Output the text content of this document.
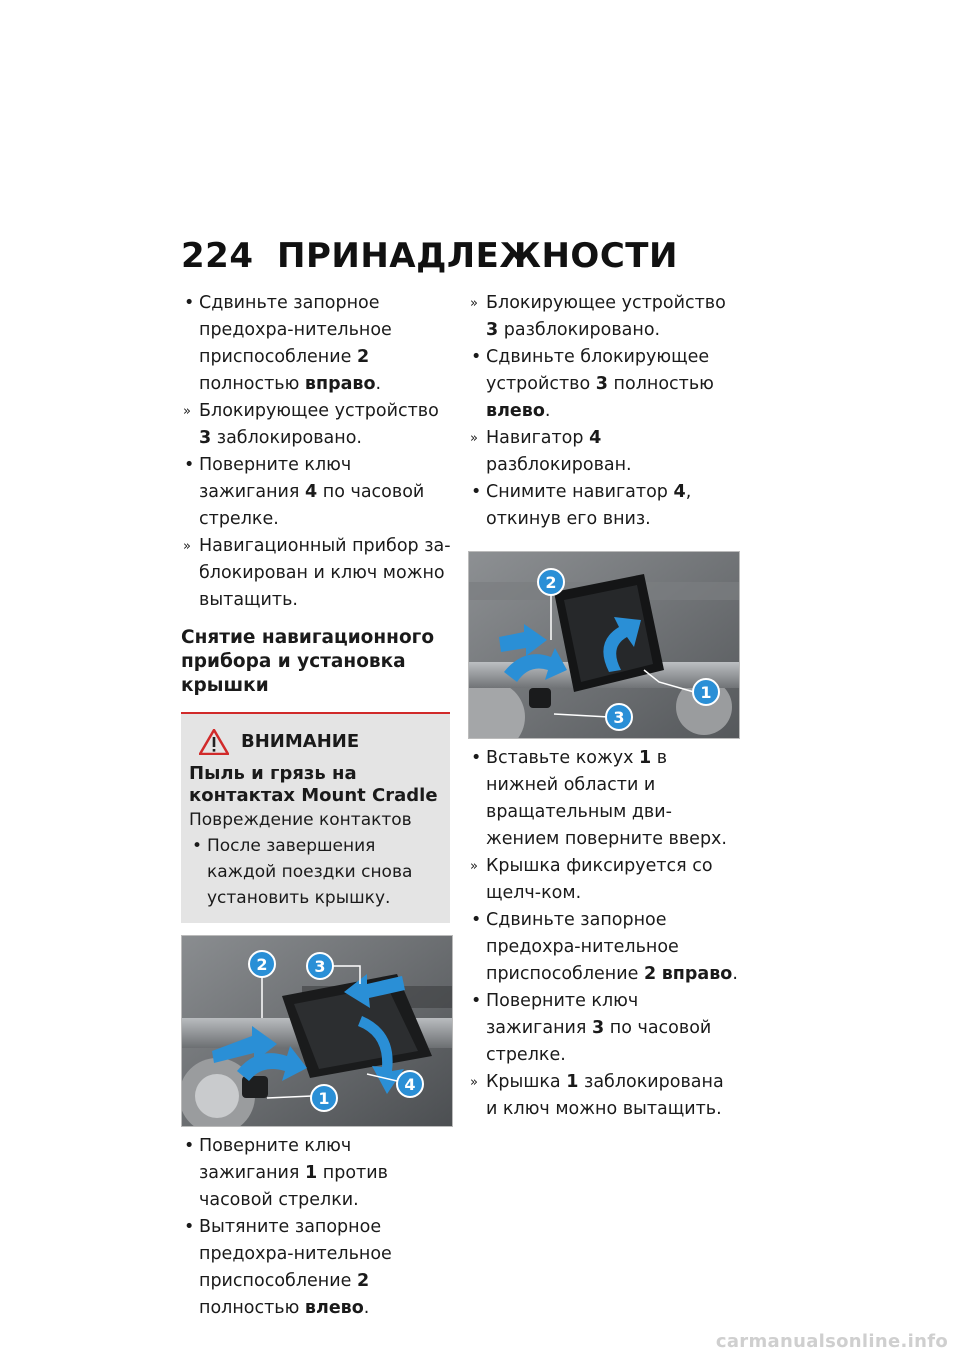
224 ПРИНАДЛЕЖНОСТИ
• Сдвиньте запорное предохра-нительное приспособление 2 полностью вправо.
» Блокирующее устройство 3 заблокировано.
• Поверните ключ зажигания 4 по часовой стрелке.
» Навигационный прибор за-блокирован и ключ можно вытащить.
Снятие навигационного прибора и установка крышки
ВНИМАНИЕ
Пыль и грязь на контактах Mount Cradle
Повреждение контактов
• После завершения каждой поездки снова установить крышку.
2	3
4
1
• Поверните ключ зажигания 1 против часовой стрелки.
• Вытяните запорное предохра-нительное приспособление 2 полностью влево.
» Блокирующее устройство 3 разблокировано.
• Сдвиньте блокирующее устройство 3 полностью влево.
» Навигатор 4 разблокирован.
• Снимите навигатор 4, откинув его вниз.
2
1
3
• Вставьте кожух 1 в нижней области и вращательным дви-жением поверните вверх.
» Крышка фиксируется со щелч-ком.
• Сдвиньте запорное предохра-нительное приспособление 2 вправо.
• Поверните ключ зажигания 3 по часовой стрелке.
» Крышка 1 заблокирована и ключ можно вытащить.
carmanualsonline.info
